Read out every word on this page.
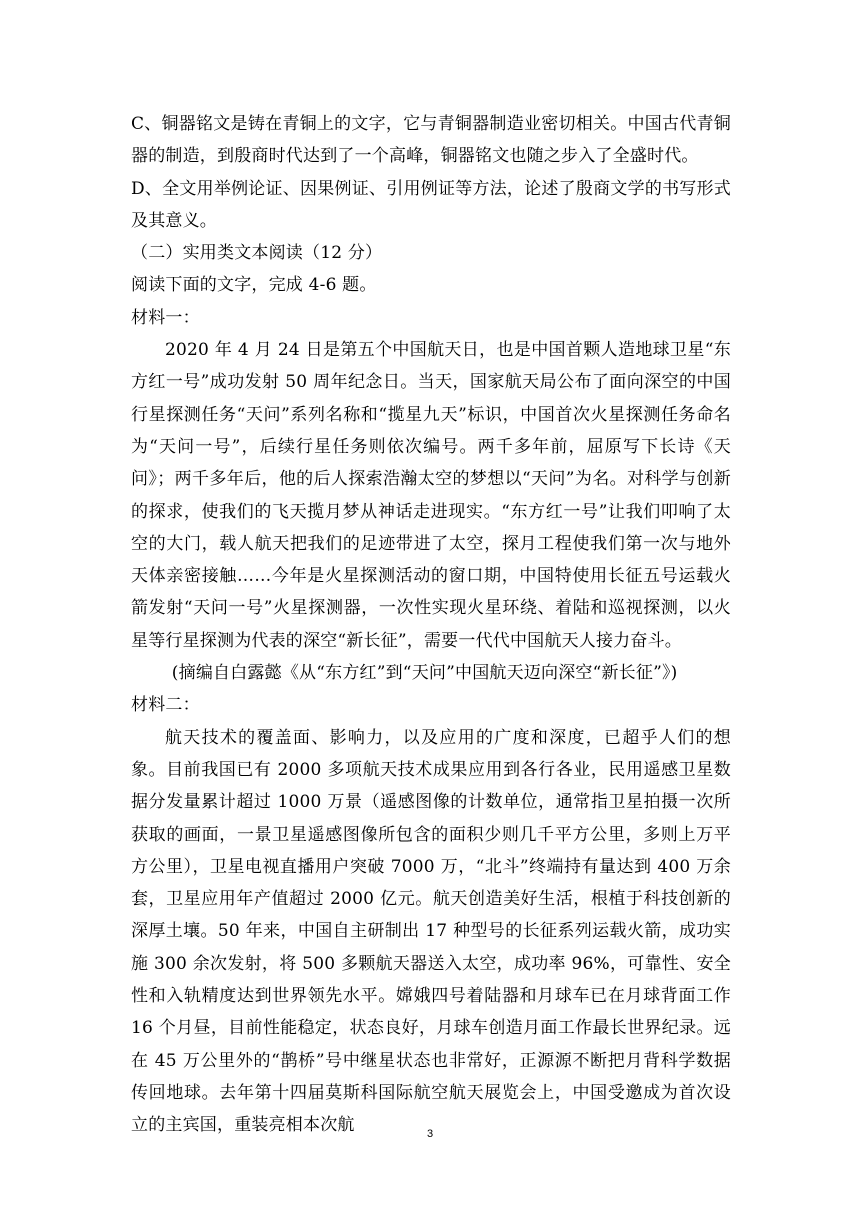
C、铜器铭文是铸在青铜上的文字，它与青铜器制造业密切相关。中国古代青铜器的制造，到殷商时代达到了一个高峰，铜器铭文也随之步入了全盛时代。

D、全文用举例论证、因果例证、引用例证等方法，论述了殷商文学的书写形式及其意义。

（二）实用类文本阅读（12 分）

阅读下面的文字，完成 4-6 题。

材料一：

2020 年 4 月 24 日是第五个中国航天日，也是中国首颗人造地球卫星“东方红一号”成功发射 50 周年纪念日。当天，国家航天局公布了面向深空的中国行星探测任务“天问”系列名称和“揽星九天”标识，中国首次火星探测任务命名为“天问一号”，后续行星任务则依次编号。两千多年前，屈原写下长诗《天问》；两千多年后，他的后人探索浩瀚太空的梦想以“天问”为名。对科学与创新的探求，使我们的飞天揽月梦从神话走进现实。“东方红一号”让我们叩响了太空的大门，载人航天把我们的足迹带进了太空，探月工程使我们第一次与地外天体亲密接触……今年是火星探测活动的窗口期，中国特使用长征五号运载火箭发射“天问一号”火星探测器，一次性实现火星环绕、着陆和巡视探测，以火星等行星探测为代表的深空“新长征”，需要一代代中国航天人接力奋斗。

(摘编自白露懿《从“东方红”到“天问”中国航天迈向深空“新长征”》)

材料二：

航天技术的覆盖面、影响力，以及应用的广度和深度，已超乎人们的想象。目前我国已有 2000 多项航天技术成果应用到各行各业，民用遥感卫星数据分发量累计超过 1000 万景（遥感图像的计数单位，通常指卫星拍摄一次所获取的画面，一景卫星遥感图像所包含的面积少则几千平方公里，多则上万平方公里），卫星电视直播用户突破 7000 万，“北斗”终端持有量达到 400 万余套，卫星应用年产值超过 2000 亿元。航天创造美好生活，根植于科技创新的深厚土壤。50 年来，中国自主研制出 17 种型号的长征系列运载火箭，成功实施 300 余次发射，将 500 多颗航天器送入太空，成功率 96%，可靠性、安全性和入轨精度达到世界领先水平。嫦娥四号着陆器和月球车已在月球背面工作 16 个月昼，目前性能稳定，状态良好，月球车创造月面工作最长世界纪录。远在 45 万公里外的“鹊桥”号中继星状态也非常好，正源源不断把月背科学数据传回地球。去年第十四届莫斯科国际航空航天展览会上，中国受邀成为首次设立的主宾国，重装亮相本次航	3
